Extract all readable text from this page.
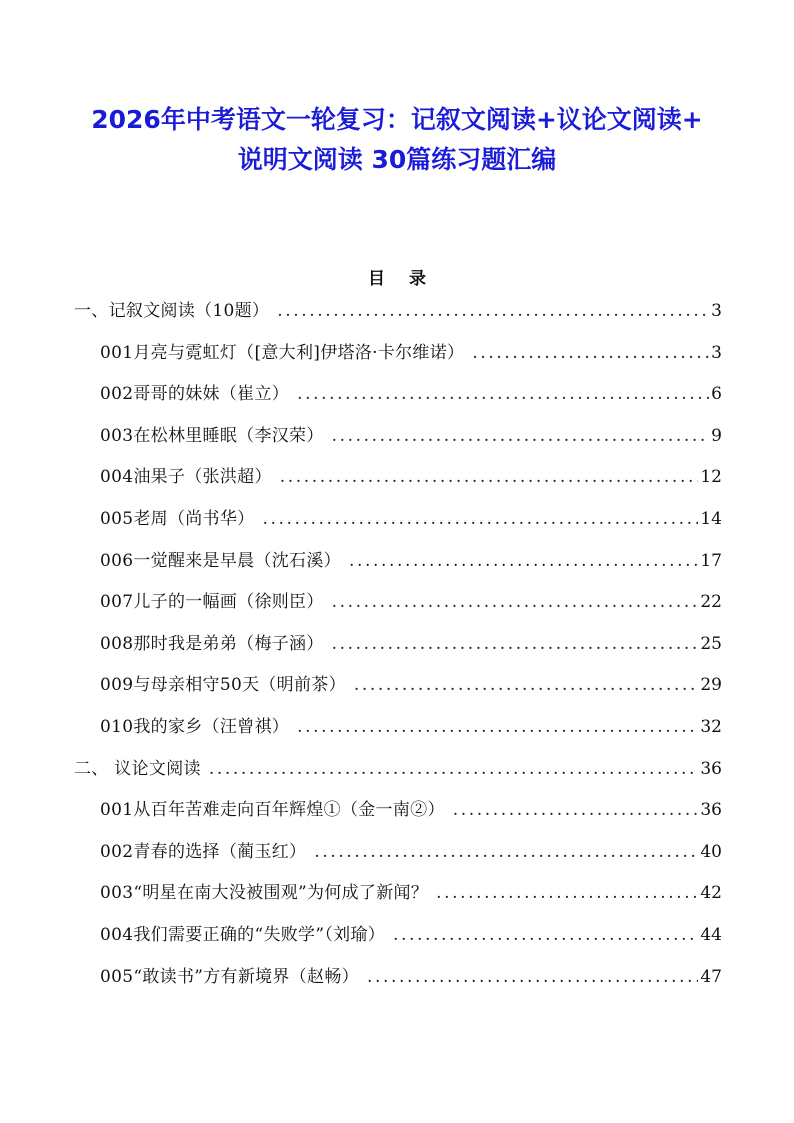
2026年中考语文一轮复习：记叙文阅读+议论文阅读+
说明文阅读 30篇练习题汇编
目录
一、记叙文阅读（10题） .....	3
001月亮与霓虹灯（[意大利]伊塔洛·卡尔维诺） .....	3
002哥哥的妹妹（崔立） .....	6
003在松林里睡眠（李汉荣） .....	9
004油果子（张洪超） .....	12
005老周（尚书华） .....	14
006一觉醒来是早晨（沈石溪） .....	17
007儿子的一幅画（徐则臣） .....	22
008那时我是弟弟（梅子涵） .....	25
009与母亲相守50天（明前茶） .....	29
010我的家乡（汪曾祺） .....	32
二、 议论文阅读 .....	36
001从百年苦难走向百年辉煌①（金一南②） .....	36
002青春的选择（蔺玉红） .....	40
003“明星在南大没被围观”为何成了新闻？ .....	42
004我们需要正确的“失败学”（刘瑜） .....	44
005“敢读书”方有新境界（赵畅） .....	47
